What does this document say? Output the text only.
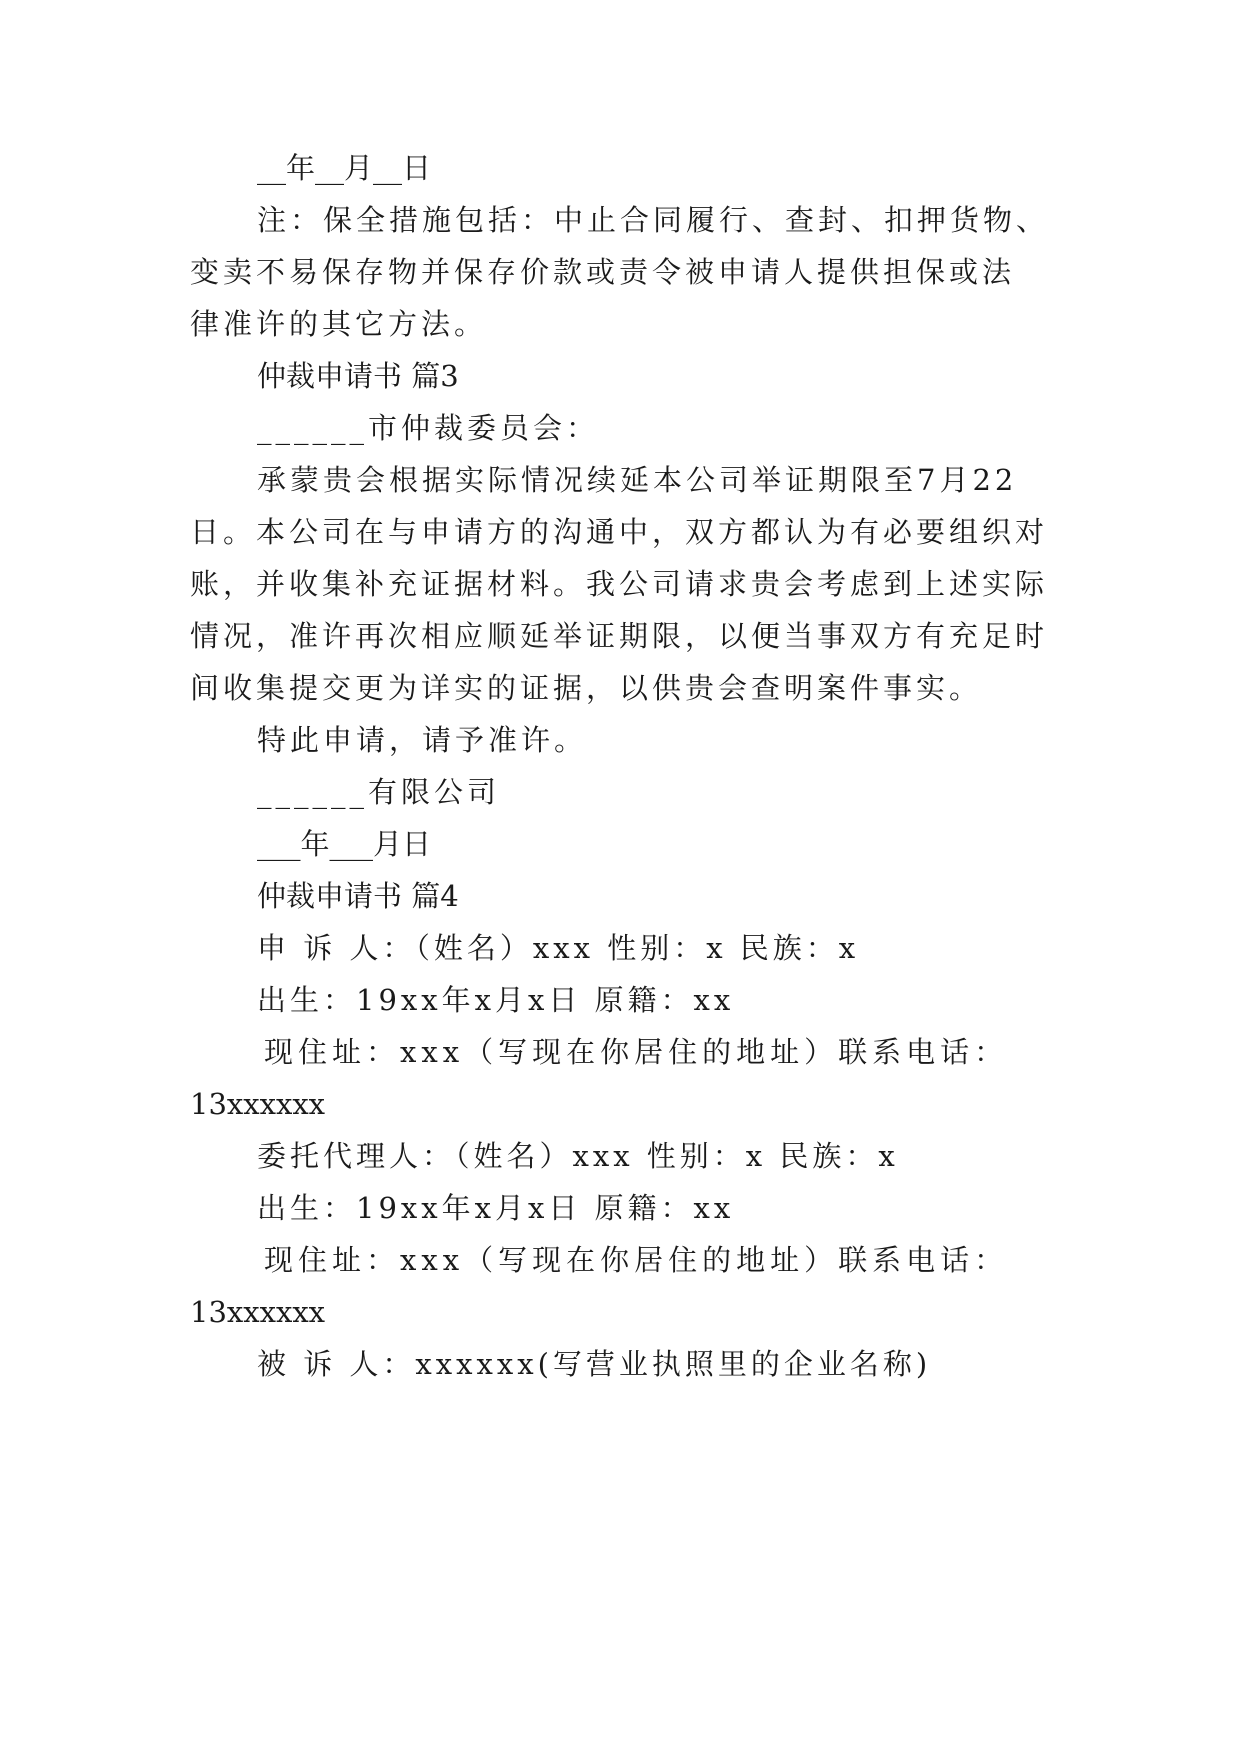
__年__月__日
注：保全措施包括：中止合同履行、查封、扣押货物、
变卖不易保存物并保存价款或责令被申请人提供担保或法
律准许的其它方法。
仲裁申请书 篇3
______市仲裁委员会：
承蒙贵会根据实际情况续延本公司举证期限至7月22
日。本公司在与申请方的沟通中，双方都认为有必要组织对
账，并收集补充证据材料。我公司请求贵会考虑到上述实际
情况，准许再次相应顺延举证期限，以便当事双方有充足时
间收集提交更为详实的证据，以供贵会查明案件事实。
特此申请，请予准许。
______有限公司
___年___月日
仲裁申请书 篇4
申 诉 人：（姓名）xxx 性别：x 民族：x
出生：19xx年x月x日 原籍：xx
现住址：xxx（写现在你居住的地址）联系电话：
13xxxxxx
委托代理人：（姓名）xxx 性别：x 民族：x
出生：19xx年x月x日 原籍：xx
现住址：xxx（写现在你居住的地址）联系电话：
13xxxxxx
被 诉 人：xxxxxx(写营业执照里的企业名称)
